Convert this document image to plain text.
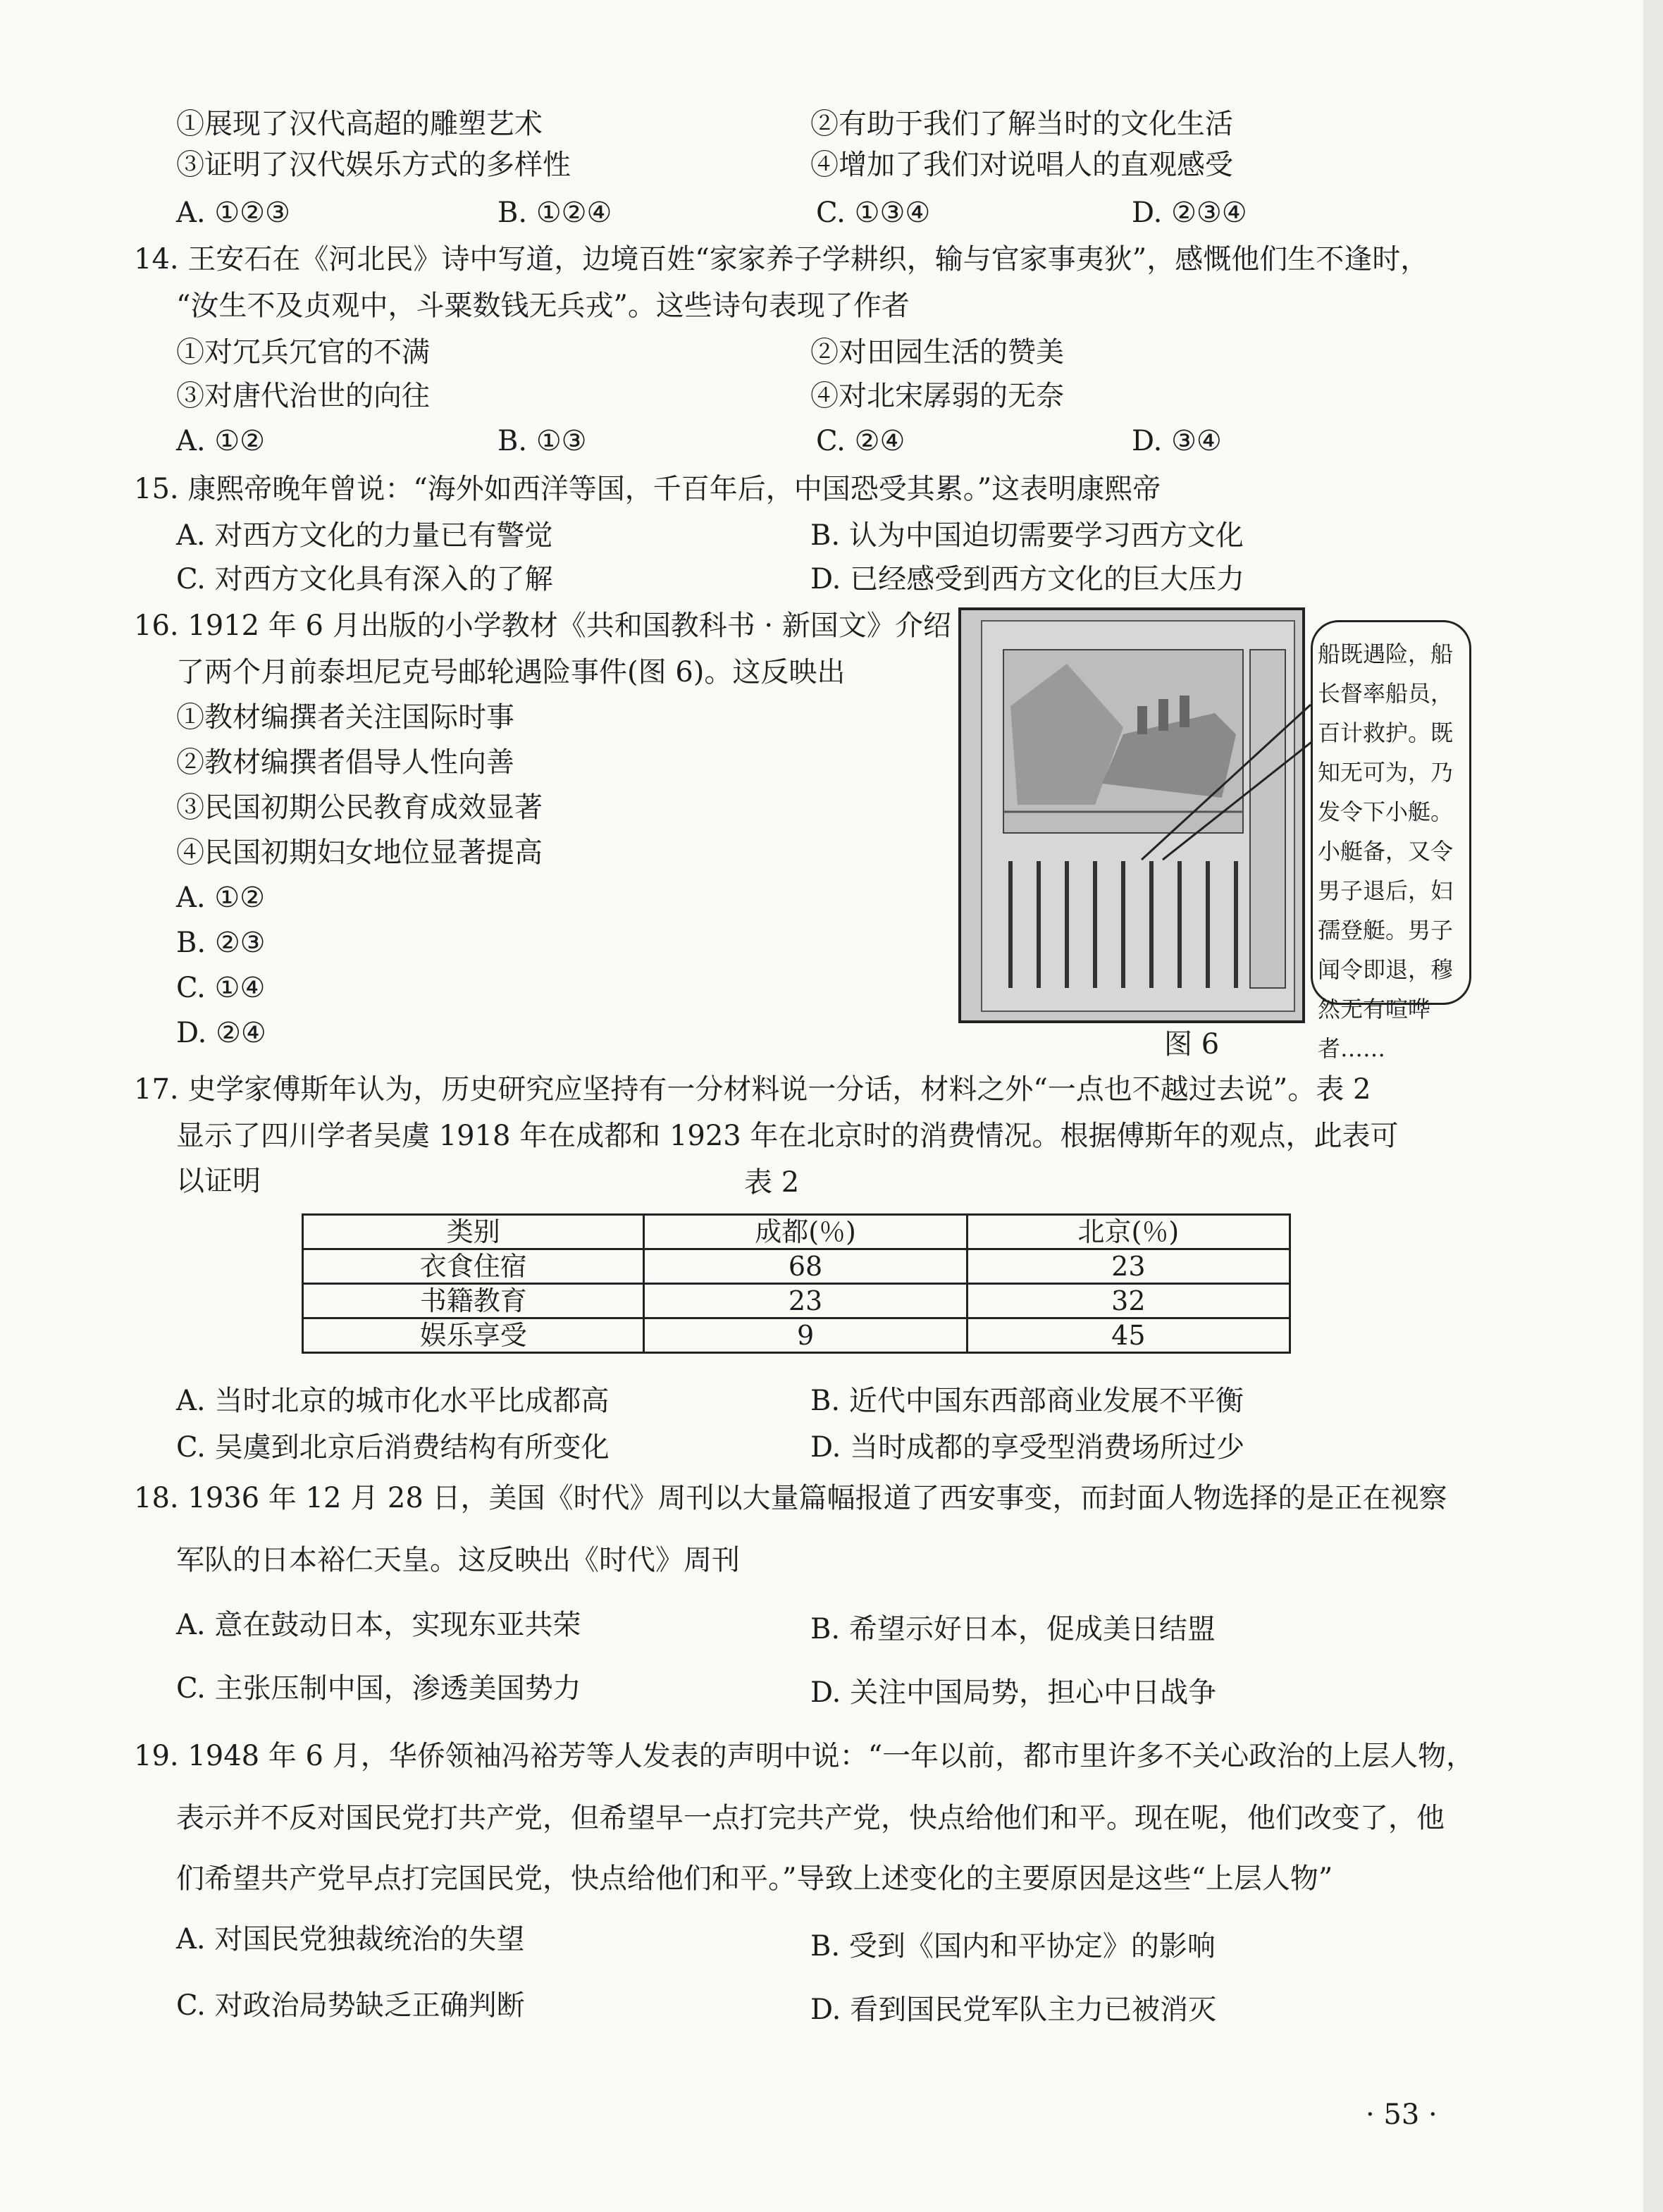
①展现了汉代高超的雕塑艺术	②有助于我们了解当时的文化生活
③证明了汉代娱乐方式的多样性	④增加了我们对说唱人的直观感受
A. ①②③	B. ①②④	C. ①③④	D. ②③④
14. 王安石在《河北民》诗中写道，边境百姓“家家养子学耕织，输与官家事夷狄”，感慨他们生不逢时，
“汝生不及贞观中，斗粟数钱无兵戎”。这些诗句表现了作者
①对冗兵冗官的不满	②对田园生活的赞美
③对唐代治世的向往	④对北宋孱弱的无奈
A. ①②	B. ①③	C. ②④	D. ③④
15. 康熙帝晚年曾说：“海外如西洋等国，千百年后，中国恐受其累。”这表明康熙帝
A. 对西方文化的力量已有警觉	B. 认为中国迫切需要学习西方文化
C. 对西方文化具有深入的了解	D. 已经感受到西方文化的巨大压力
16. 1912 年 6 月出版的小学教材《共和国教科书 · 新国文》介绍
了两个月前泰坦尼克号邮轮遇险事件(图 6)。这反映出
①教材编撰者关注国际时事
②教材编撰者倡导人性向善
③民国初期公民教育成效显著
④民国初期妇女地位显著提高
A. ①②
B. ②③
C. ①④
D. ②④
船既遇险，船长督率船员，百计救护。既知无可为，乃发令下小艇。小艇备，又令男子退后，妇孺登艇。男子闻令即退，穆然无有喧哗者……
图 6
17. 史学家傅斯年认为，历史研究应坚持有一分材料说一分话，材料之外“一点也不越过去说”。表 2
显示了四川学者吴虞 1918 年在成都和 1923 年在北京时的消费情况。根据傅斯年的观点，此表可
以证明	表 2
类别	成都(％)	北京(％)
衣食住宿	68	23
书籍教育	23	32
娱乐享受	9	45
A. 当时北京的城市化水平比成都高	B. 近代中国东西部商业发展不平衡
C. 吴虞到北京后消费结构有所变化	D. 当时成都的享受型消费场所过少
18. 1936 年 12 月 28 日，美国《时代》周刊以大量篇幅报道了西安事变，而封面人物选择的是正在视察
军队的日本裕仁天皇。这反映出《时代》周刊
A. 意在鼓动日本，实现东亚共荣	B. 希望示好日本，促成美日结盟
C. 主张压制中国，渗透美国势力	D. 关注中国局势，担心中日战争
19. 1948 年 6 月，华侨领袖冯裕芳等人发表的声明中说：“一年以前，都市里许多不关心政治的上层人物，
表示并不反对国民党打共产党，但希望早一点打完共产党，快点给他们和平。现在呢，他们改变了，他
们希望共产党早点打完国民党，快点给他们和平。”导致上述变化的主要原因是这些“上层人物”
A. 对国民党独裁统治的失望	B. 受到《国内和平协定》的影响
C. 对政治局势缺乏正确判断	D. 看到国民党军队主力已被消灭
· 53 ·
